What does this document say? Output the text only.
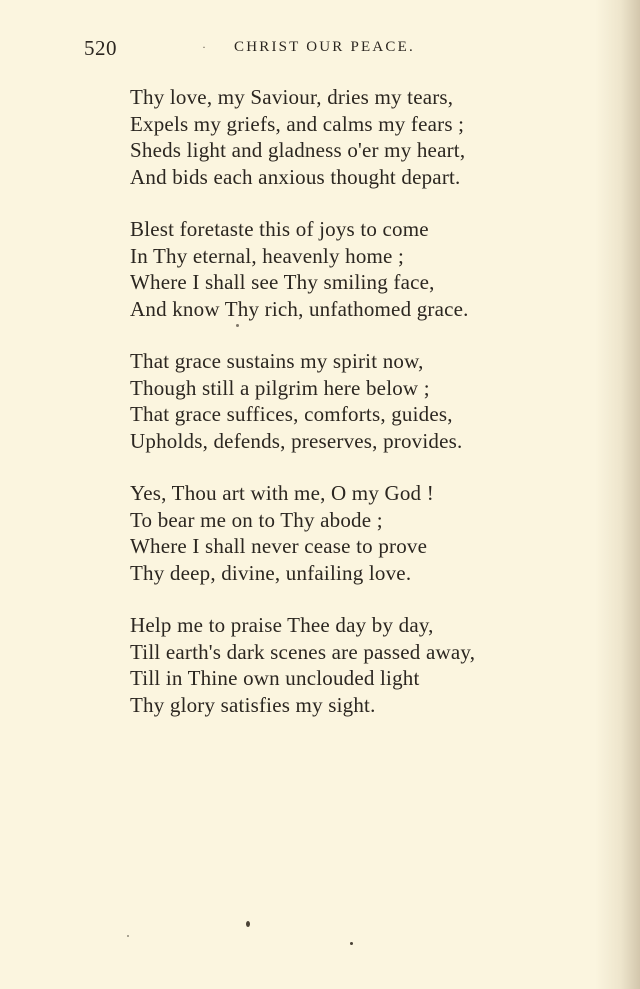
520	· CHRIST OUR PEACE.
Thy love, my Saviour, dries my tears,
Expels my griefs, and calms my fears ;
Sheds light and gladness o'er my heart,
And bids each anxious thought depart.
Blest foretaste this of joys to come
In Thy eternal, heavenly home ;
Where I shall see Thy smiling face,
And know Thy rich, unfathomed grace.
That grace sustains my spirit now,
Though still a pilgrim here below ;
That grace suffices, comforts, guides,
Upholds, defends, preserves, provides.
Yes, Thou art with me, O my God !
To bear me on to Thy abode ;
Where I shall never cease to prove
Thy deep, divine, unfailing love.
Help me to praise Thee day by day,
Till earth's dark scenes are passed away,
Till in Thine own unclouded light
Thy glory satisfies my sight.
